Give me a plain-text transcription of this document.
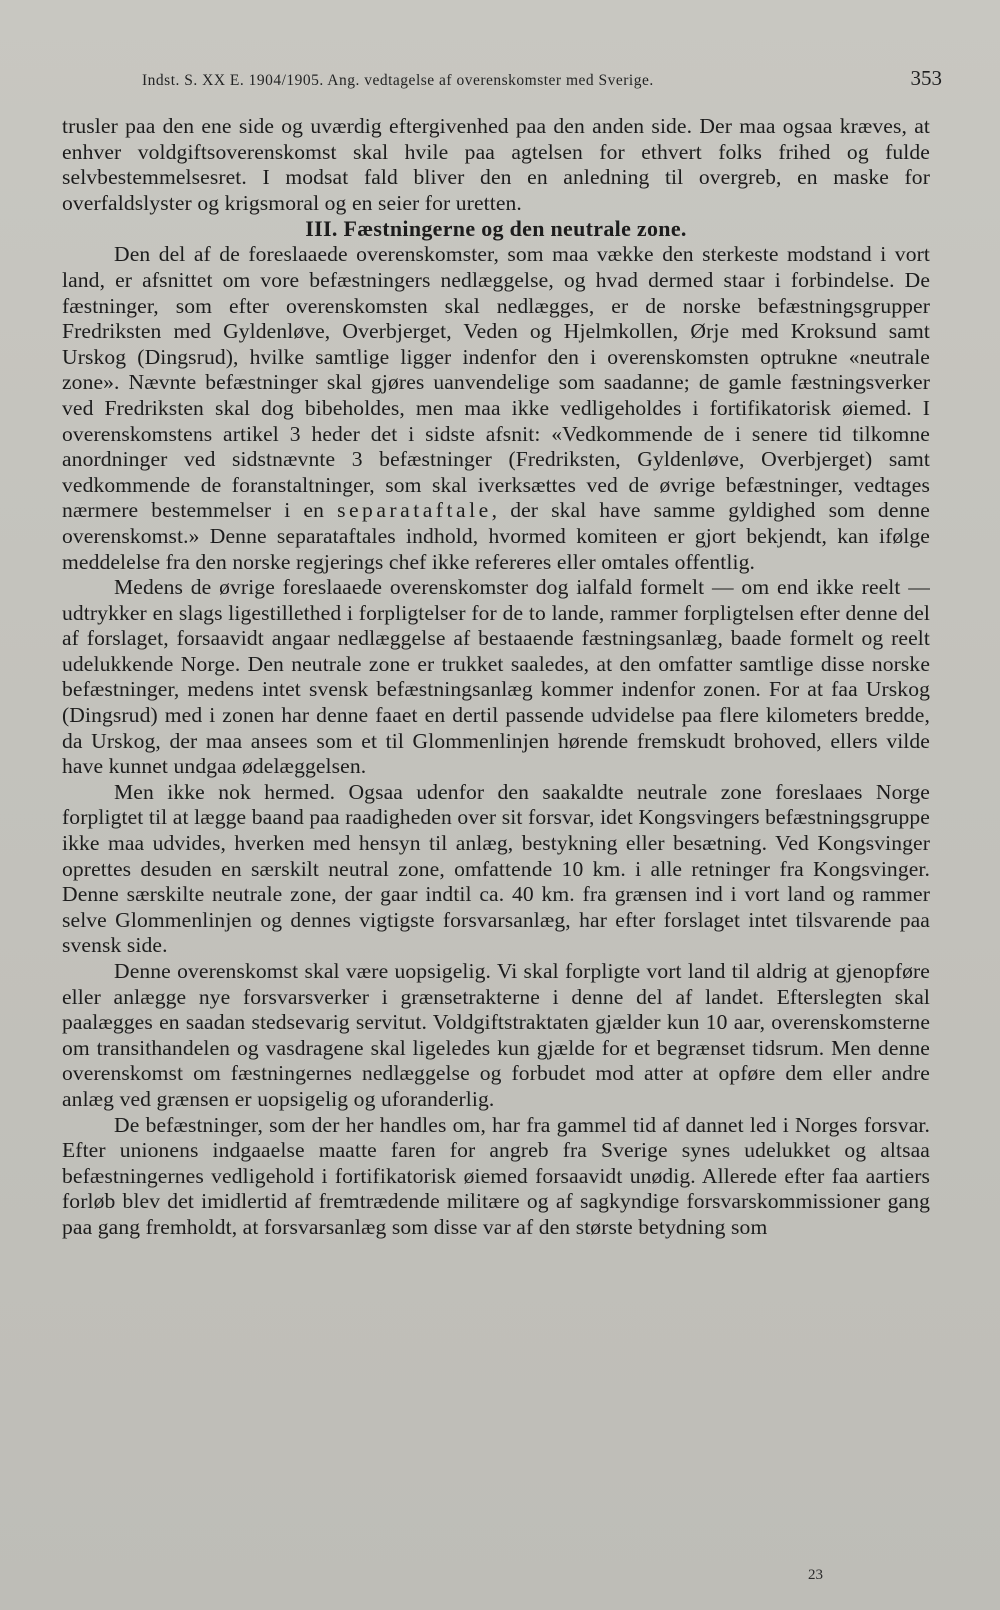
Indst. S. XX E. 1904/1905. Ang. vedtagelse af overenskomster med Sverige.	353

trusler paa den ene side og uværdig eftergivenhed paa den anden side. Der maa ogsaa kræves, at enhver voldgiftsoverenskomst skal hvile paa agtelsen for ethvert folks frihed og fulde selvbestemmelsesret. I modsat fald bliver den en anledning til overgreb, en maske for overfaldslyster og krigsmoral og en seier for uretten.

III. Fæstningerne og den neutrale zone.

Den del af de foreslaaede overenskomster, som maa vække den sterkeste modstand i vort land, er afsnittet om vore befæstningers nedlæggelse, og hvad dermed staar i forbindelse. De fæstninger, som efter overenskomsten skal nedlægges, er de norske befæstningsgrupper Fredriksten med Gyldenløve, Overbjerget, Veden og Hjelmkollen, Ørje med Kroksund samt Urskog (Dingsrud), hvilke samtlige ligger indenfor den i overenskomsten optrukne «neutrale zone». Nævnte befæstninger skal gjøres uanvendelige som saadanne; de gamle fæstningsverker ved Fredriksten skal dog bibeholdes, men maa ikke vedligeholdes i fortifikatorisk øiemed. I overenskomstens artikel 3 heder det i sidste afsnit: «Vedkommende de i senere tid tilkomne anordninger ved sidstnævnte 3 befæstninger (Fredriksten, Gyldenløve, Overbjerget) samt vedkommende de foranstaltninger, som skal iverksættes ved de øvrige befæstninger, vedtages nærmere bestemmelser i en separataftale, der skal have samme gyldighed som denne overenskomst.» Denne separataftales indhold, hvormed komiteen er gjort bekjendt, kan ifølge meddelelse fra den norske regjerings chef ikke refereres eller omtales offentlig.

Medens de øvrige foreslaaede overenskomster dog ialfald formelt — om end ikke reelt — udtrykker en slags ligestillethed i forpligtelser for de to lande, rammer forpligtelsen efter denne del af forslaget, forsaavidt angaar nedlæggelse af bestaaende fæstningsanlæg, baade formelt og reelt udelukkende Norge. Den neutrale zone er trukket saaledes, at den omfatter samtlige disse norske befæstninger, medens intet svensk befæstningsanlæg kommer indenfor zonen. For at faa Urskog (Dingsrud) med i zonen har denne faaet en dertil passende udvidelse paa flere kilometers bredde, da Urskog, der maa ansees som et til Glommenlinjen hørende fremskudt brohoved, ellers vilde have kunnet undgaa ødelæggelsen.

Men ikke nok hermed. Ogsaa udenfor den saakaldte neutrale zone foreslaaes Norge forpligtet til at lægge baand paa raadigheden over sit forsvar, idet Kongsvingers befæstningsgruppe ikke maa udvides, hverken med hensyn til anlæg, bestykning eller besætning. Ved Kongsvinger oprettes desuden en særskilt neutral zone, omfattende 10 km. i alle retninger fra Kongsvinger. Denne særskilte neutrale zone, der gaar indtil ca. 40 km. fra grænsen ind i vort land og rammer selve Glommenlinjen og dennes vigtigste forsvarsanlæg, har efter forslaget intet tilsvarende paa svensk side.

Denne overenskomst skal være uopsigelig. Vi skal forpligte vort land til aldrig at gjenopføre eller anlægge nye forsvarsverker i grænsetrakterne i denne del af landet. Efterslegten skal paalægges en saadan stedsevarig servitut. Voldgiftstraktaten gjælder kun 10 aar, overenskomsterne om transithandelen og vasdragene skal ligeledes kun gjælde for et begrænset tidsrum. Men denne overenskomst om fæstningernes nedlæggelse og forbudet mod atter at opføre dem eller andre anlæg ved grænsen er uopsigelig og uforanderlig.

De befæstninger, som der her handles om, har fra gammel tid af dannet led i Norges forsvar. Efter unionens indgaaelse maatte faren for angreb fra Sverige synes udelukket og altsaa befæstningernes vedligehold i fortifikatorisk øiemed forsaavidt unødig. Allerede efter faa aartiers forløb blev det imidlertid af fremtrædende militære og af sagkyndige forsvarskommissioner gang paa gang fremholdt, at forsvarsanlæg som disse var af den største betydning som

23
